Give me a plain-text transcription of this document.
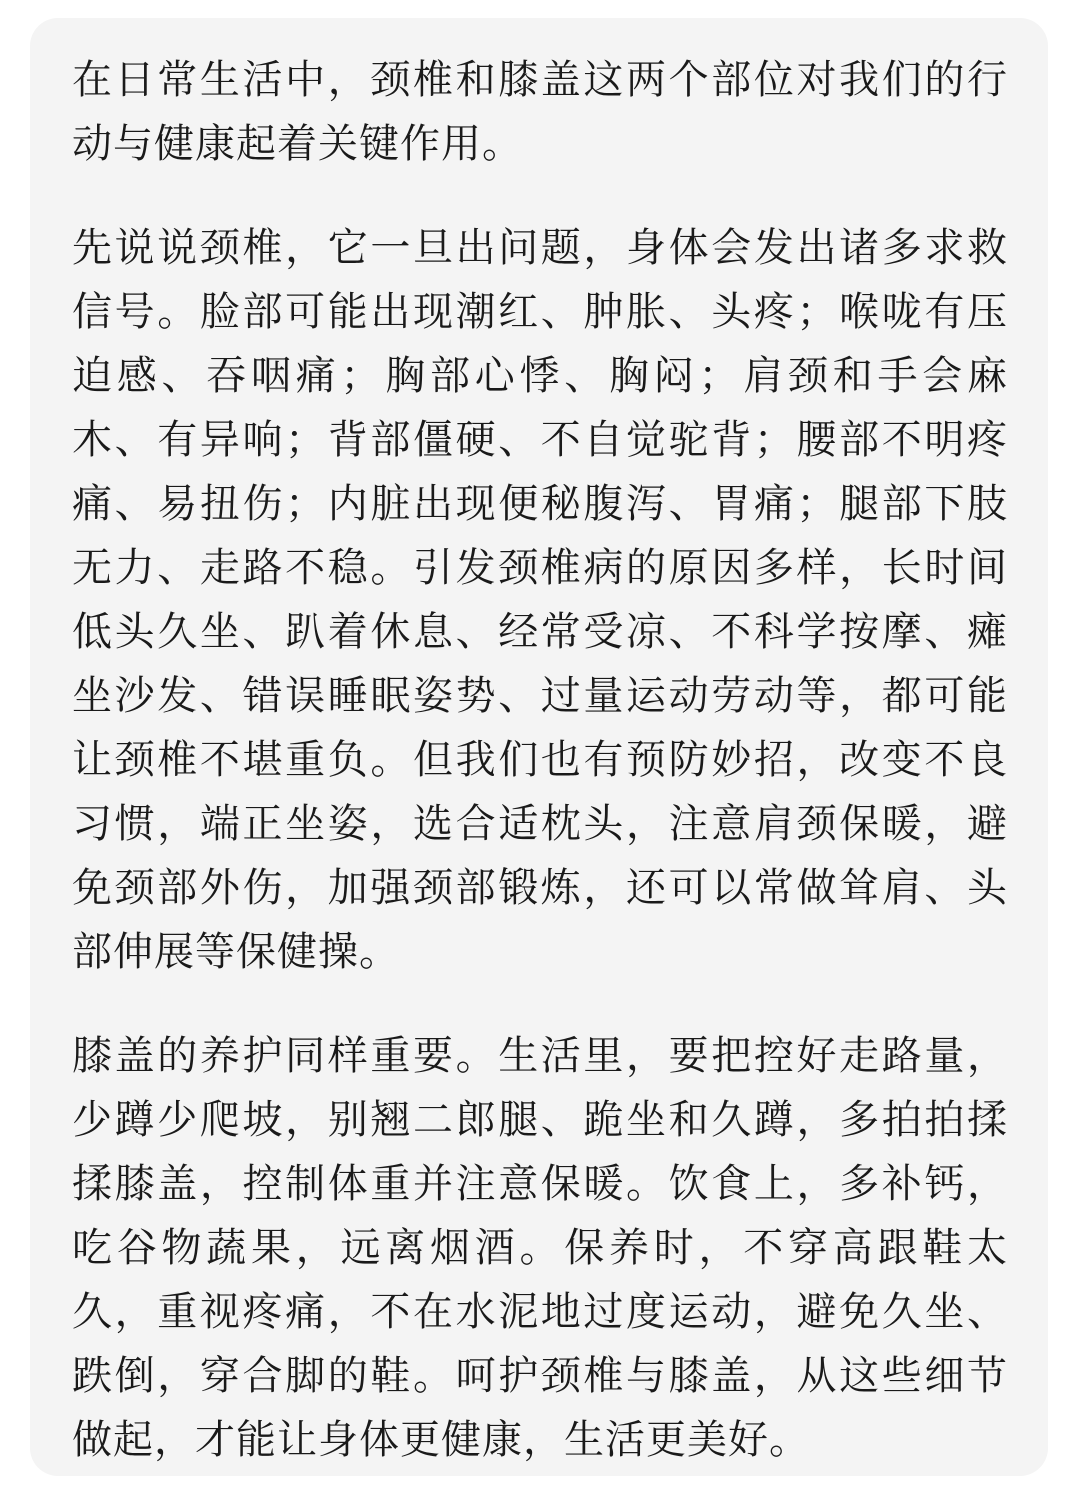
在日常生活中，颈椎和膝盖这两个部位对我们的行动与健康起着关键作用。

先说说颈椎，它一旦出问题，身体会发出诸多求救信号。脸部可能出现潮红、肿胀、头疼；喉咙有压迫感、吞咽痛；胸部心悸、胸闷；肩颈和手会麻木、有异响；背部僵硬、不自觉驼背；腰部不明疼痛、易扭伤；内脏出现便秘腹泻、胃痛；腿部下肢无力、走路不稳。引发颈椎病的原因多样，长时间低头久坐、趴着休息、经常受凉、不科学按摩、瘫坐沙发、错误睡眠姿势、过量运动劳动等，都可能让颈椎不堪重负。但我们也有预防妙招，改变不良习惯，端正坐姿，选合适枕头，注意肩颈保暖，避免颈部外伤，加强颈部锻炼，还可以常做耸肩、头部伸展等保健操。

膝盖的养护同样重要。生活里，要把控好走路量，少蹲少爬坡，别翘二郎腿、跪坐和久蹲，多拍拍揉揉膝盖，控制体重并注意保暖。饮食上，多补钙，吃谷物蔬果，远离烟酒。保养时，不穿高跟鞋太久，重视疼痛，不在水泥地过度运动，避免久坐、跌倒，穿合脚的鞋。呵护颈椎与膝盖，从这些细节做起，才能让身体更健康，生活更美好。
